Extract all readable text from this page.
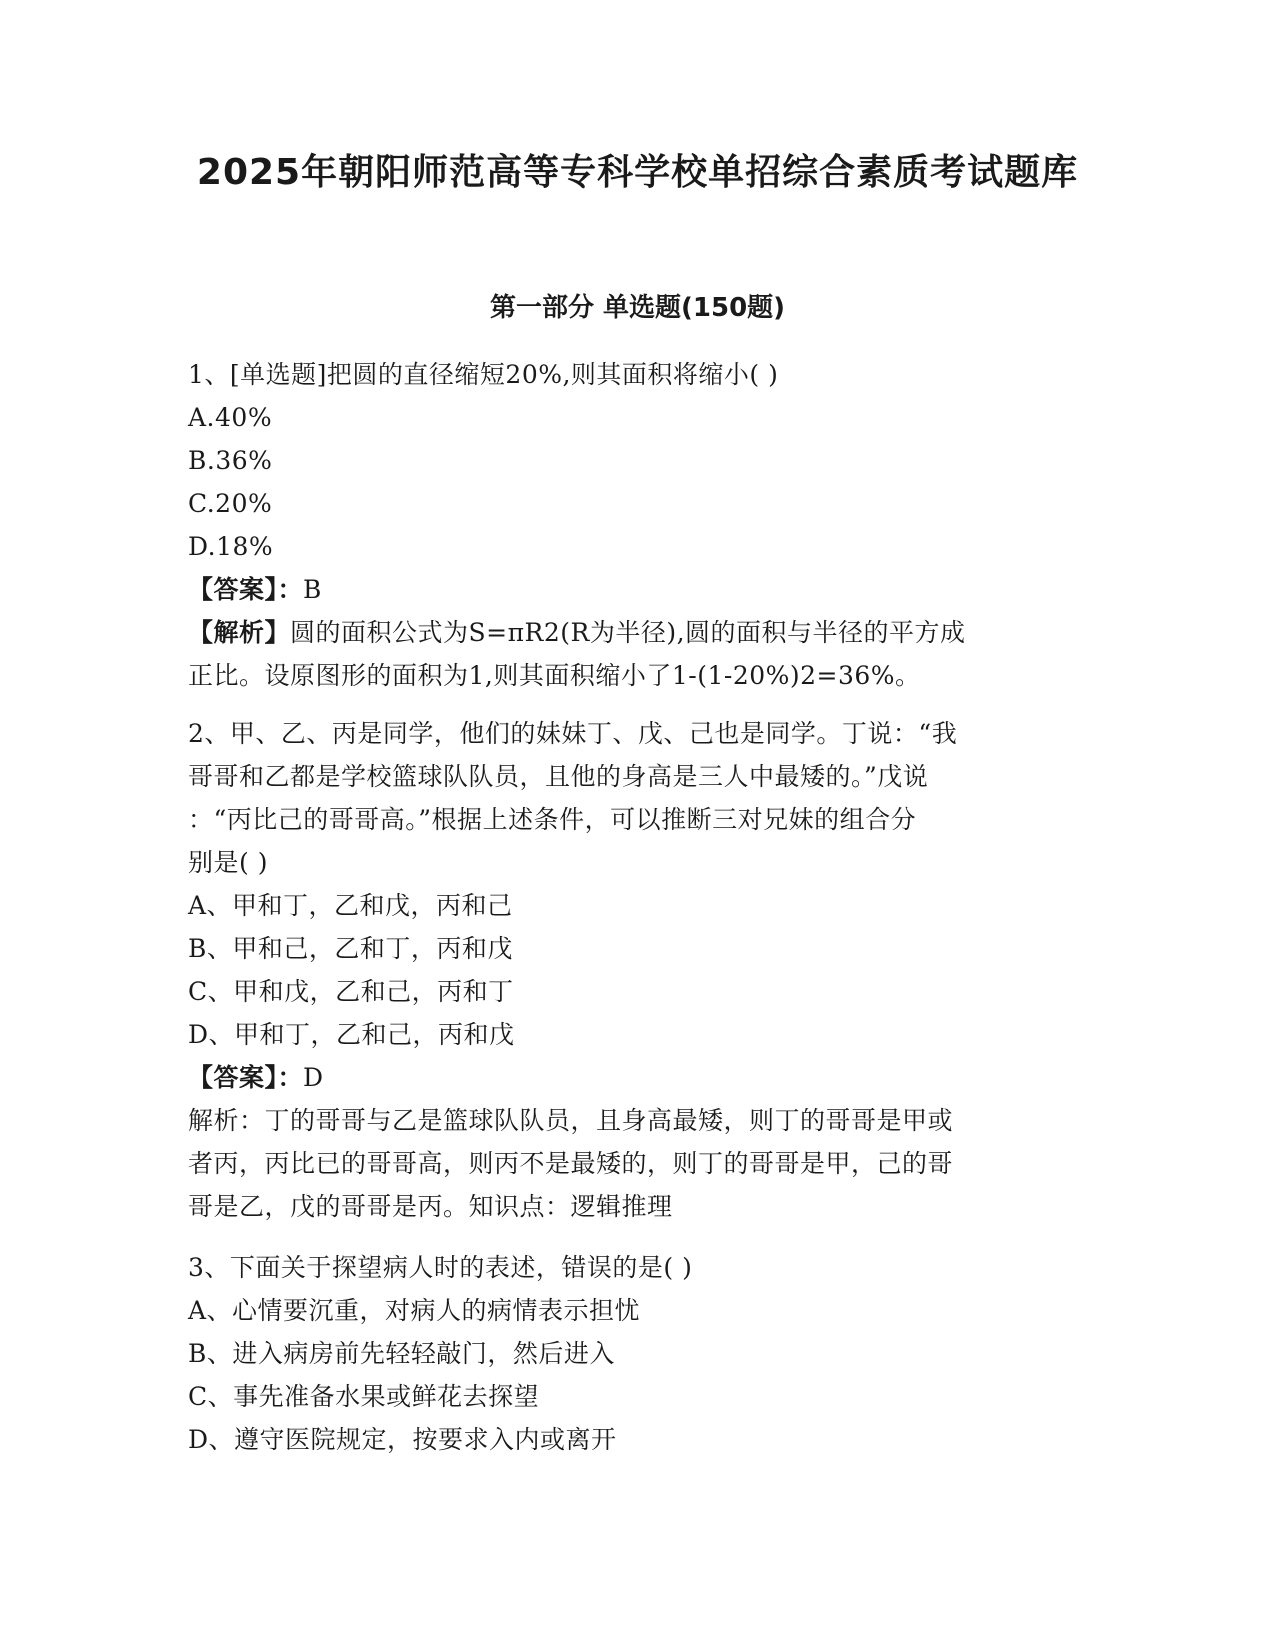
2025年朝阳师范高等专科学校单招综合素质考试题库
第一部分 单选题(150题)

1、[单选题]把圆的直径缩短20%,则其面积将缩小( )

A.40%

B.36%

C.20%

D.18%

【答案】：B

【解析】圆的面积公式为S=πR2(R为半径),圆的面积与半径的平方成

正比。设原图形的面积为1,则其面积缩小了1-(1-20%)2=36%。

2、甲、乙、丙是同学，他们的妹妹丁、戊、己也是同学。丁说：“我

哥哥和乙都是学校篮球队队员，且他的身高是三人中最矮的。”戊说

：“丙比己的哥哥高。”根据上述条件，可以推断三对兄妹的组合分

别是( )

A、甲和丁，乙和戊，丙和己

B、甲和己，乙和丁，丙和戊

C、甲和戊，乙和己，丙和丁

D、甲和丁，乙和己，丙和戊

【答案】：D

解析：丁的哥哥与乙是篮球队队员，且身高最矮，则丁的哥哥是甲或

者丙，丙比已的哥哥高，则丙不是最矮的，则丁的哥哥是甲，己的哥

哥是乙，戊的哥哥是丙。知识点：逻辑推理

3、下面关于探望病人时的表述，错误的是( )

A、心情要沉重，对病人的病情表示担忧

B、进入病房前先轻轻敲门，然后进入

C、事先准备水果或鲜花去探望

D、遵守医院规定，按要求入内或离开
